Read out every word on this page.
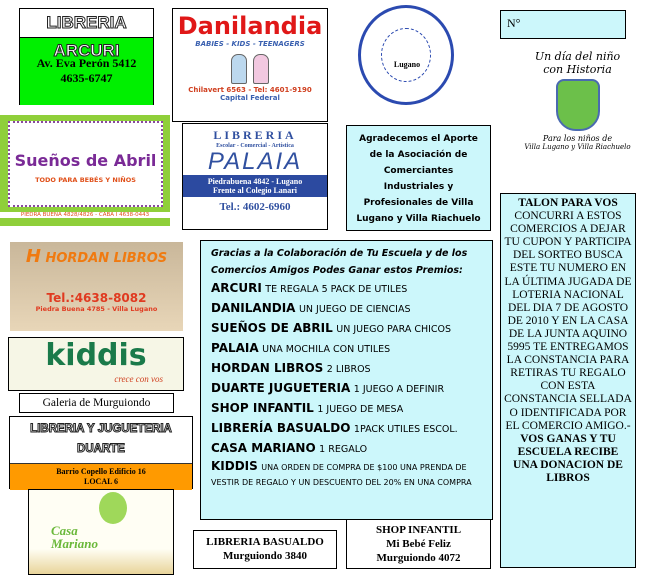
LIBRERIA ARCURI
Av. Eva Perón 5412
4635-6747
Danilandia
BABIES - KIDS - TEENAGERS
Chilavert 6563 - Tel: 4601-9190
Capital Federal
Lugano
N°
Un día del niño
con Historia
Para los niños de
Villa Lugano y Villa Riachuelo
Sueños de Abril
TODO PARA BEBÉS Y NIÑOS
PIEDRA BUENA 4828/4826 - CABA I 4638-0443
LIBRERIA
Escolar - Comercial - Artística
PALAIA
Piedrabuena 4842 - Lugano
Frente al Colegio Lanari
Tel.: 4602-6960
Agradecemos el Aporte de la Asociación de Comerciantes Industriales y Profesionales de Villa Lugano y Villa Riachuelo
Gracias a la Colaboración de Tu Escuela y de los Comercios Amigos Podes Ganar estos Premios:
ARCURI TE REGALA 5 PACK DE UTILES
DANILANDIA UN JUEGO DE CIENCIAS
SUEÑOS DE ABRIL UN JUEGO PARA CHICOS
PALAIA UNA MOCHILA CON UTILES
HORDAN LIBROS 2 LIBROS
DUARTE JUGUETERIA 1 JUEGO A DEFINIR
SHOP INFANTIL 1 JUEGO DE MESA
LIBRERÍA BASUALDO 1PACK UTILES ESCOL.
CASA MARIANO 1 REGALO
KIDDIS UNA ORDEN DE COMPRA DE $100 UNA PRENDA DE VESTIR DE REGALO Y UN DESCUENTO DEL 20% EN UNA COMPRA
TALON PARA VOS
CONCURRI A ESTOS COMERCIOS A DEJAR TU CUPON Y PARTICIPA DEL SORTEO BUSCA ESTE TU NUMERO EN LA ÚLTIMA JUGADA DE LOTERIA NACIONAL DEL DIA 7 DE AGOSTO DE 2010 Y EN LA CASA DE LA JUNTA AQUINO 5995 TE ENTREGAMOS LA CONSTANCIA PARA RETIRAS TU REGALO CON ESTA CONSTANCIA SELLADA O IDENTIFICADA POR EL COMERCIO AMIGO.-
VOS GANAS Y TU ESCUELA RECIBE UNA DONACION DE LIBROS
H HORDAN LIBROS
Tel.:4638-8082
Piedra Buena 4785 - Villa Lugano
kiddis
crece con vos
Galeria de Murguiondo
LIBRERIA Y JUGUETERIA
DUARTE
Barrio Copello Edificio 16
LOCAL 6
Casa
Mariano	LIBRERIA BASUALDO
Murguiondo 3840
SHOP INFANTIL
Mi Bebé Feliz
Murguiondo 4072
